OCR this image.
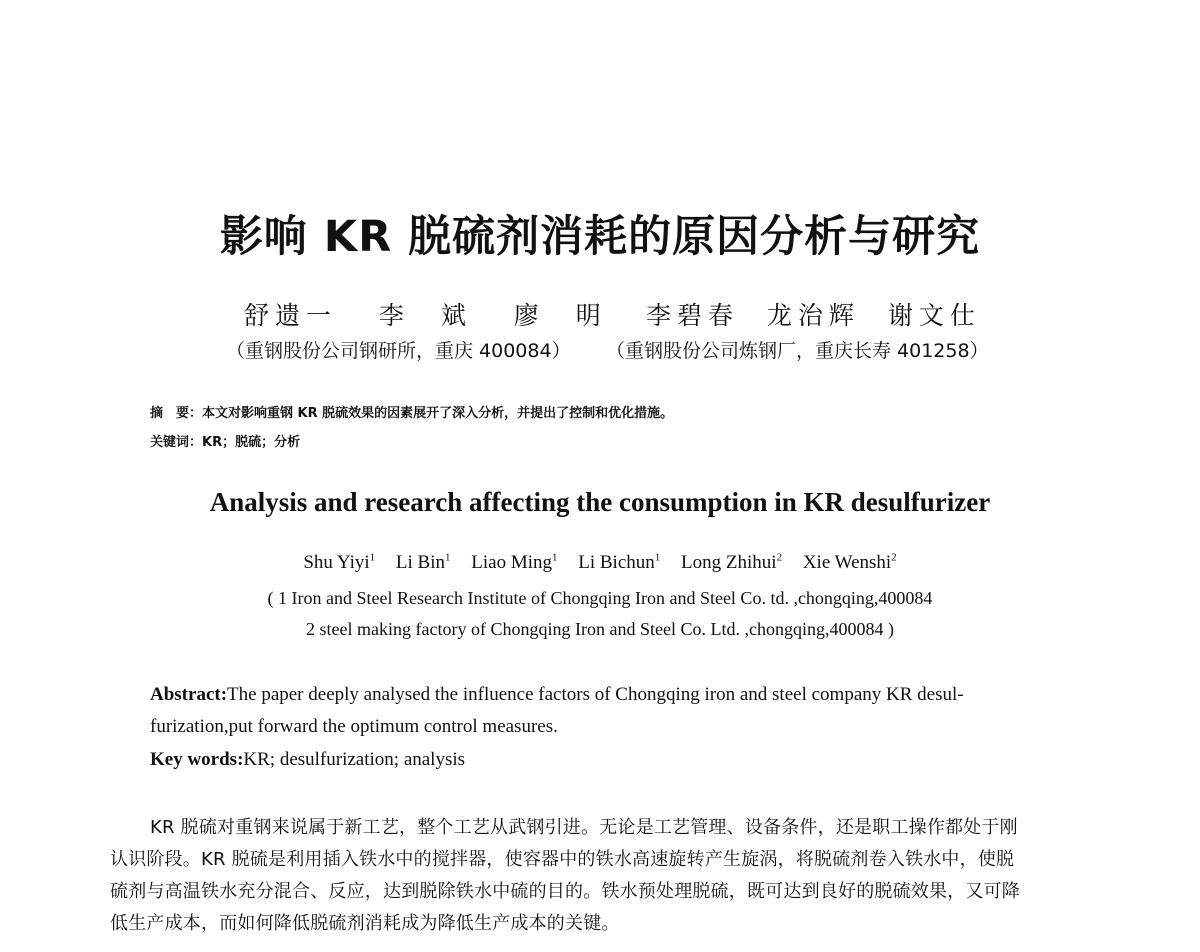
影响 KR 脱硫剂消耗的原因分析与研究
舒遗一 李　斌 廖　明 李碧春 龙治辉 谢文仕
（重钢股份公司钢研所，重庆 400084） （重钢股份公司炼钢厂，重庆长寿 401258）
摘　要：本文对影响重钢 KR 脱硫效果的因素展开了深入分析，并提出了控制和优化措施。
关键词：KR；脱硫；分析
Analysis and research affecting the consumption in KR desulfurizer
Shu Yiyi$^1$ Li Bin$^1$ Liao Ming$^1$ Li Bichun$^1$ Long Zhihui$^2$ Xie Wenshi$^2$
( 1 Iron and Steel Research Institute of Chongqing Iron and Steel Co. td. ,chongqing,400084
2 steel making factory of Chongqing Iron and Steel Co. Ltd. ,chongqing,400084 )
Abstract:The paper deeply analysed the influence factors of Chongqing iron and steel company KR desul-
furization,put forward the optimum control measures.
Key words:KR; desulfurization; analysis
KR 脱硫对重钢来说属于新工艺，整个工艺从武钢引进。无论是工艺管理、设备条件，还是职工操作都处于刚
认识阶段。KR 脱硫是利用插入铁水中的搅拌器，使容器中的铁水高速旋转产生旋涡，将脱硫剂卷入铁水中，使脱
硫剂与高温铁水充分混合、反应，达到脱除铁水中硫的目的。铁水预处理脱硫，既可达到良好的脱硫效果，又可降
低生产成本，而如何降低脱硫剂消耗成为降低生产成本的关键。
